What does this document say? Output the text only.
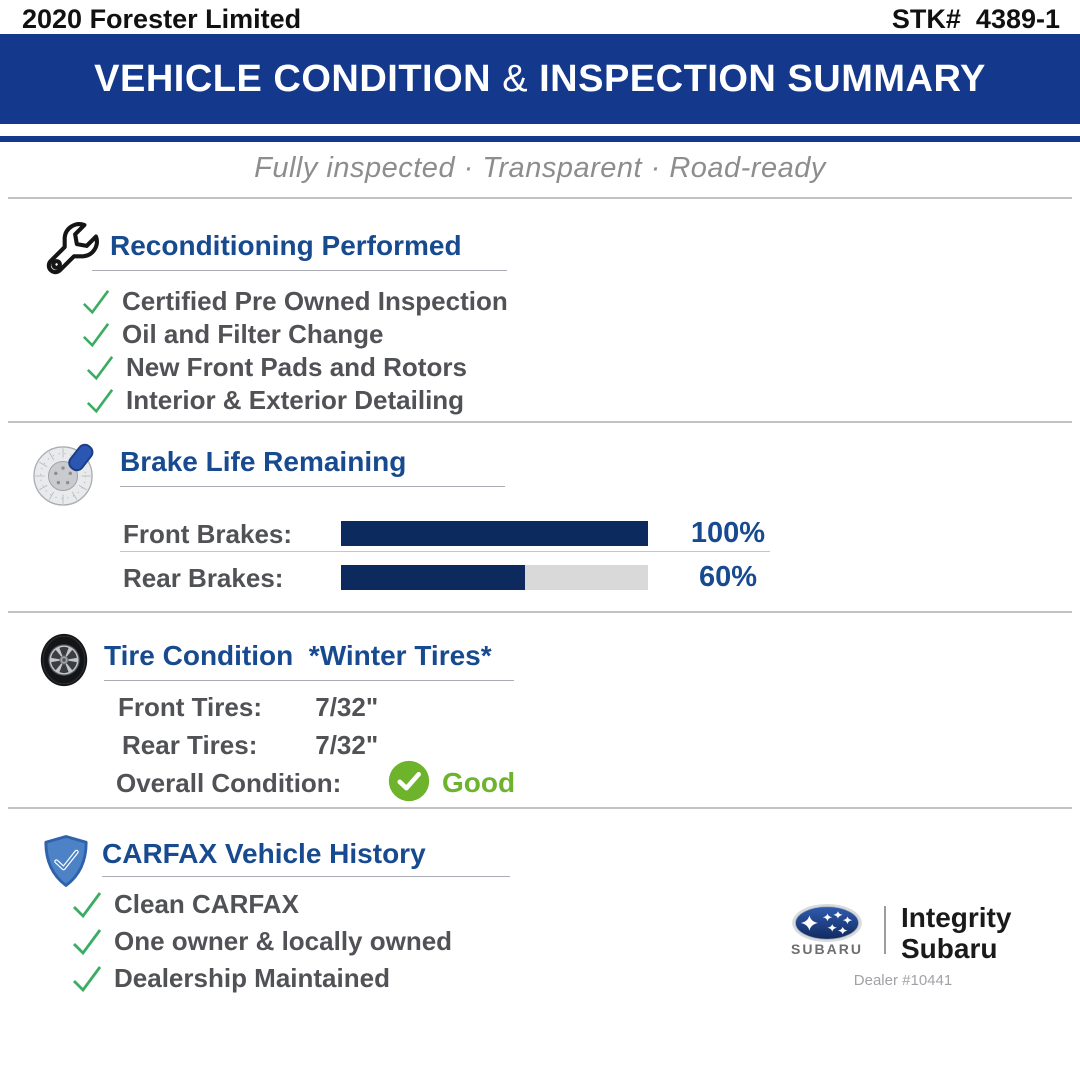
2020 Forester Limited	STK#  4389-1
VEHICLE CONDITION & INSPECTION SUMMARY
Fully inspected · Transparent · Road-ready
Reconditioning Performed
Certified Pre Owned Inspection
Oil and Filter Change
New Front Pads and Rotors
Interior & Exterior Detailing
Brake Life Remaining
Front Brakes:	100%
Rear Brakes:	60%
Tire Condition  *Winter Tires*
Front Tires: 7/32"
Rear Tires: 7/32"
Overall Condition:	Good
CARFAX Vehicle History
Clean CARFAX
One owner & locally owned
Dealership Maintained
SUBARU
Integrity
Subaru
Dealer #10441
